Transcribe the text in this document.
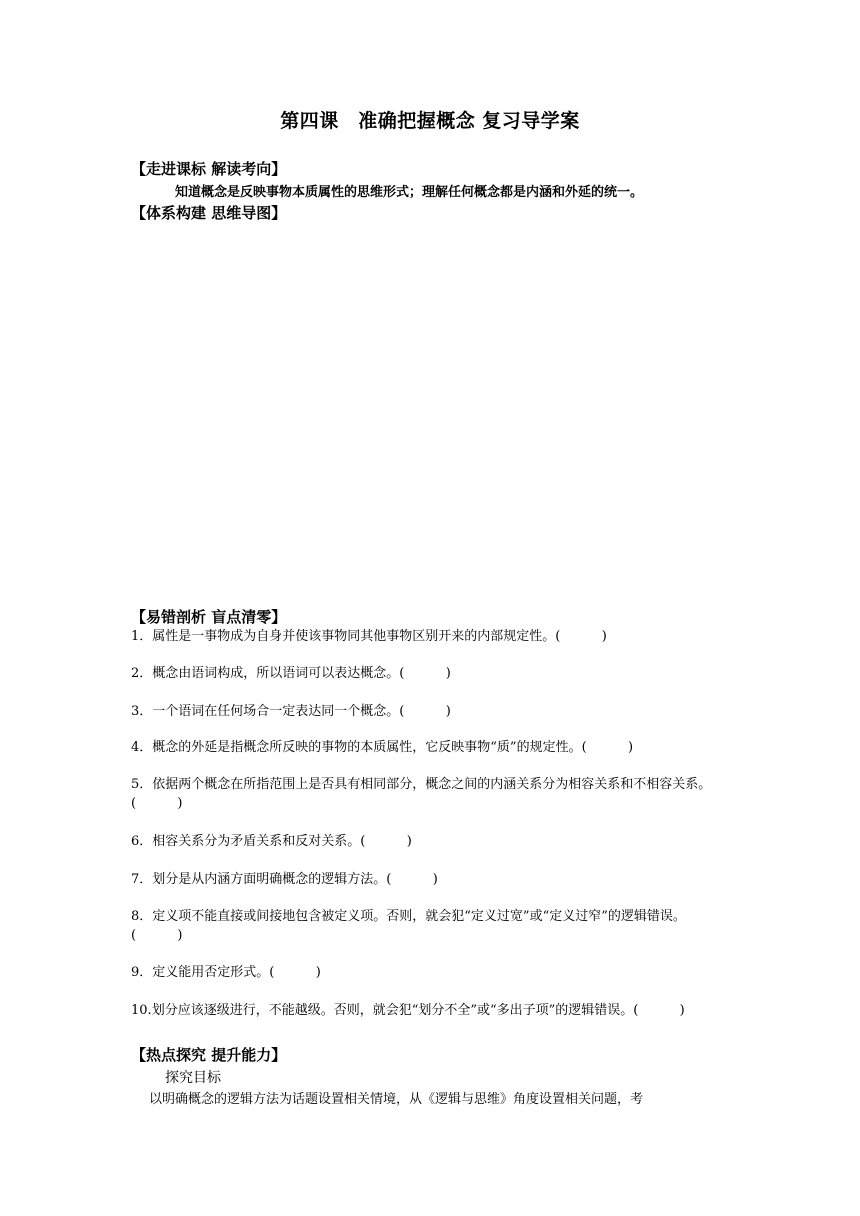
第四课　准确把握概念 复习导学案
【走进课标 解读考向】
知道概念是反映事物本质属性的思维形式；理解任何概念都是内涵和外延的统一。
【体系构建 思维导图】
【易错剖析 盲点清零】
1．属性是一事物成为自身并使该事物同其他事物区别开来的内部规定性。(          )
2．概念由语词构成，所以语词可以表达概念。(          )
3．一个语词在任何场合一定表达同一个概念。(          )
4．概念的外延是指概念所反映的事物的本质属性，它反映事物“质”的规定性。(          )
5．依据两个概念在所指范围上是否具有相同部分，概念之间的内涵关系分为相容关系和不相容关系。(          )
6．相容关系分为矛盾关系和反对关系。(          )
7．划分是从内涵方面明确概念的逻辑方法。(          )
8．定义项不能直接或间接地包含被定义项。否则，就会犯“定义过宽”或“定义过窄”的逻辑错误。(          )
9．定义能用否定形式。(          )
10.划分应该逐级进行，不能越级。否则，就会犯“划分不全”或“多出子项”的逻辑错误。(          )
【热点探究 提升能力】
探究目标
以明确概念的逻辑方法为话题设置相关情境，从《逻辑与思维》角度设置相关问题，考
